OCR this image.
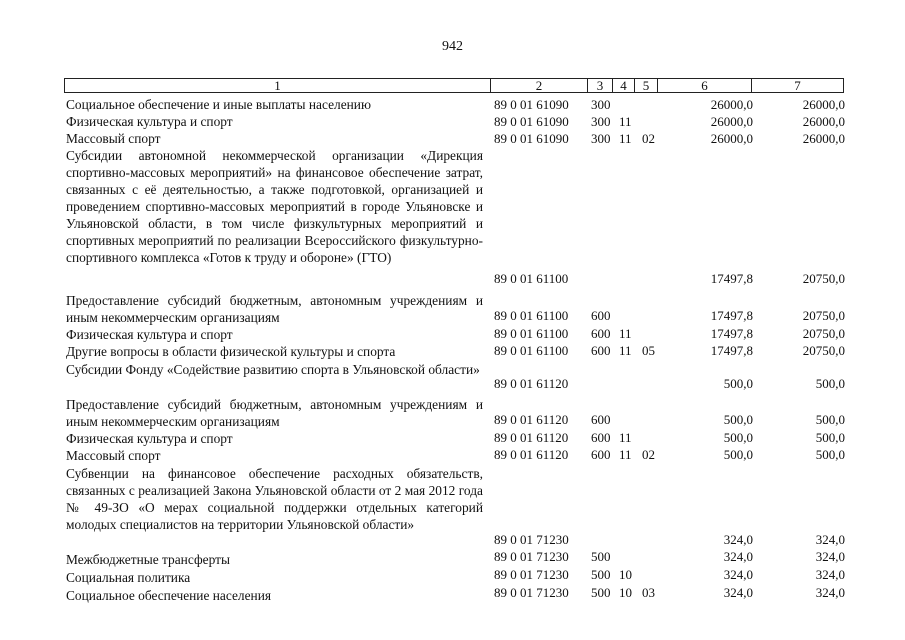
942
1	2	3	4	5	6	7
Социальное обеспечение и иные выплаты населению	89 0 01 61090 300	26000,0	26000,0
Физическая культура и спорт	89 0 01 61090 300 11	26000,0	26000,0
Массовый спорт	89 0 01 61090 300 11 02	26000,0	26000,0
Субсидии автономной некоммерческой организации «Дирекция спортивно-массовых мероприятий» на финансовое обеспечение затрат, связанных с её деятельностью, а также подготовкой, организацией и проведением спортивно-массовых мероприятий в городе Ульяновске и Ульяновской области, в том числе физкультурных мероприятий и спортивных мероприятий по реализации Всероссийского физкультурно-спортивного комплекса «Готов к труду и обороне» (ГТО)
89 0 01 61100	17497,8	20750,0
Предоставление субсидий бюджетным, автономным учреждениям и иным некоммерческим организациям	89 0 01 61100 600	17497,8	20750,0
Физическая культура и спорт	89 0 01 61100 600 11	17497,8	20750,0
Другие вопросы в области физической культуры и спорта	89 0 01 61100 600 11 05	17497,8	20750,0
Субсидии Фонду «Содействие развитию спорта в Ульяновской области»
89 0 01 61120	500,0	500,0
Предоставление субсидий бюджетным, автономным учреждениям и иным некоммерческим организациям	89 0 01 61120 600	500,0	500,0
Физическая культура и спорт	89 0 01 61120 600 11	500,0	500,0
Массовый спорт	89 0 01 61120 600 11 02	500,0	500,0
Субвенции на финансовое обеспечение расходных обязательств, связанных с реализацией Закона Ульяновской области от 2 мая 2012 года № 49-ЗО «О мерах социальной поддержки отдельных категорий молодых специалистов на территории Ульяновской области»
89 0 01 71230	324,0	324,0
Межбюджетные трансферты	89 0 01 71230 500	324,0	324,0
Социальная политика	89 0 01 71230 500 10	324,0	324,0
Социальное обеспечение населения	89 0 01 71230 500 10 03	324,0	324,0
